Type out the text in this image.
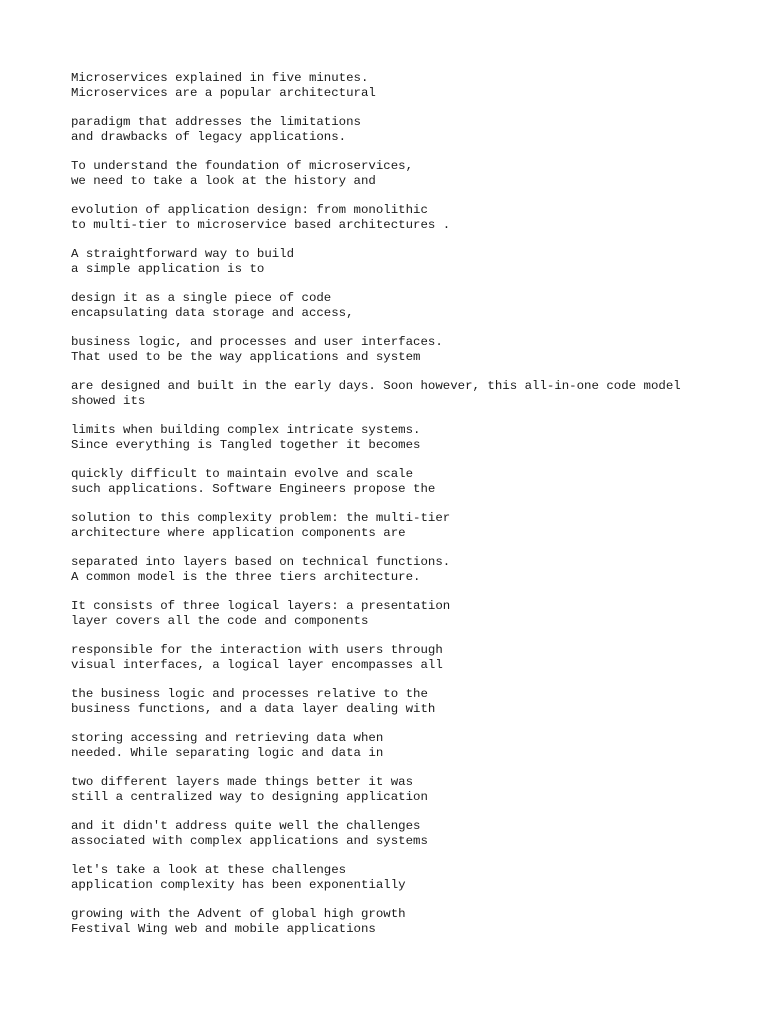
Microservices explained in five minutes.
Microservices are a popular architectural
paradigm that addresses the limitations
and drawbacks of legacy applications.
To understand the foundation of microservices,
we need to take a look at the history and
evolution of application design: from monolithic
to multi-tier to microservice based architectures .
A straightforward way to build
a simple application is to
design it as a single piece of code
encapsulating data storage and access,
business logic, and processes and user interfaces.
That used to be the way applications and system
are designed and built in the early days. Soon however, this all-in-one code model
showed its
limits when building complex intricate systems.
Since everything is Tangled together it becomes
quickly difficult to maintain evolve and scale
such applications. Software Engineers propose the
solution to this complexity problem: the multi-tier
architecture where application components are
separated into layers based on technical functions.
A common model is the three tiers architecture.
It consists of three logical layers: a presentation
layer covers all the code and components
responsible for the interaction with users through
visual interfaces, a logical layer encompasses all
the business logic and processes relative to the
business functions, and a data layer dealing with
storing accessing and retrieving data when
needed. While separating logic and data in
two different layers made things better it was
still a centralized way to designing application
and it didn't address quite well the challenges
associated with complex applications and systems
let's take a look at these challenges
application complexity has been exponentially
growing with the Advent of global high growth
Festival Wing web and mobile applications
